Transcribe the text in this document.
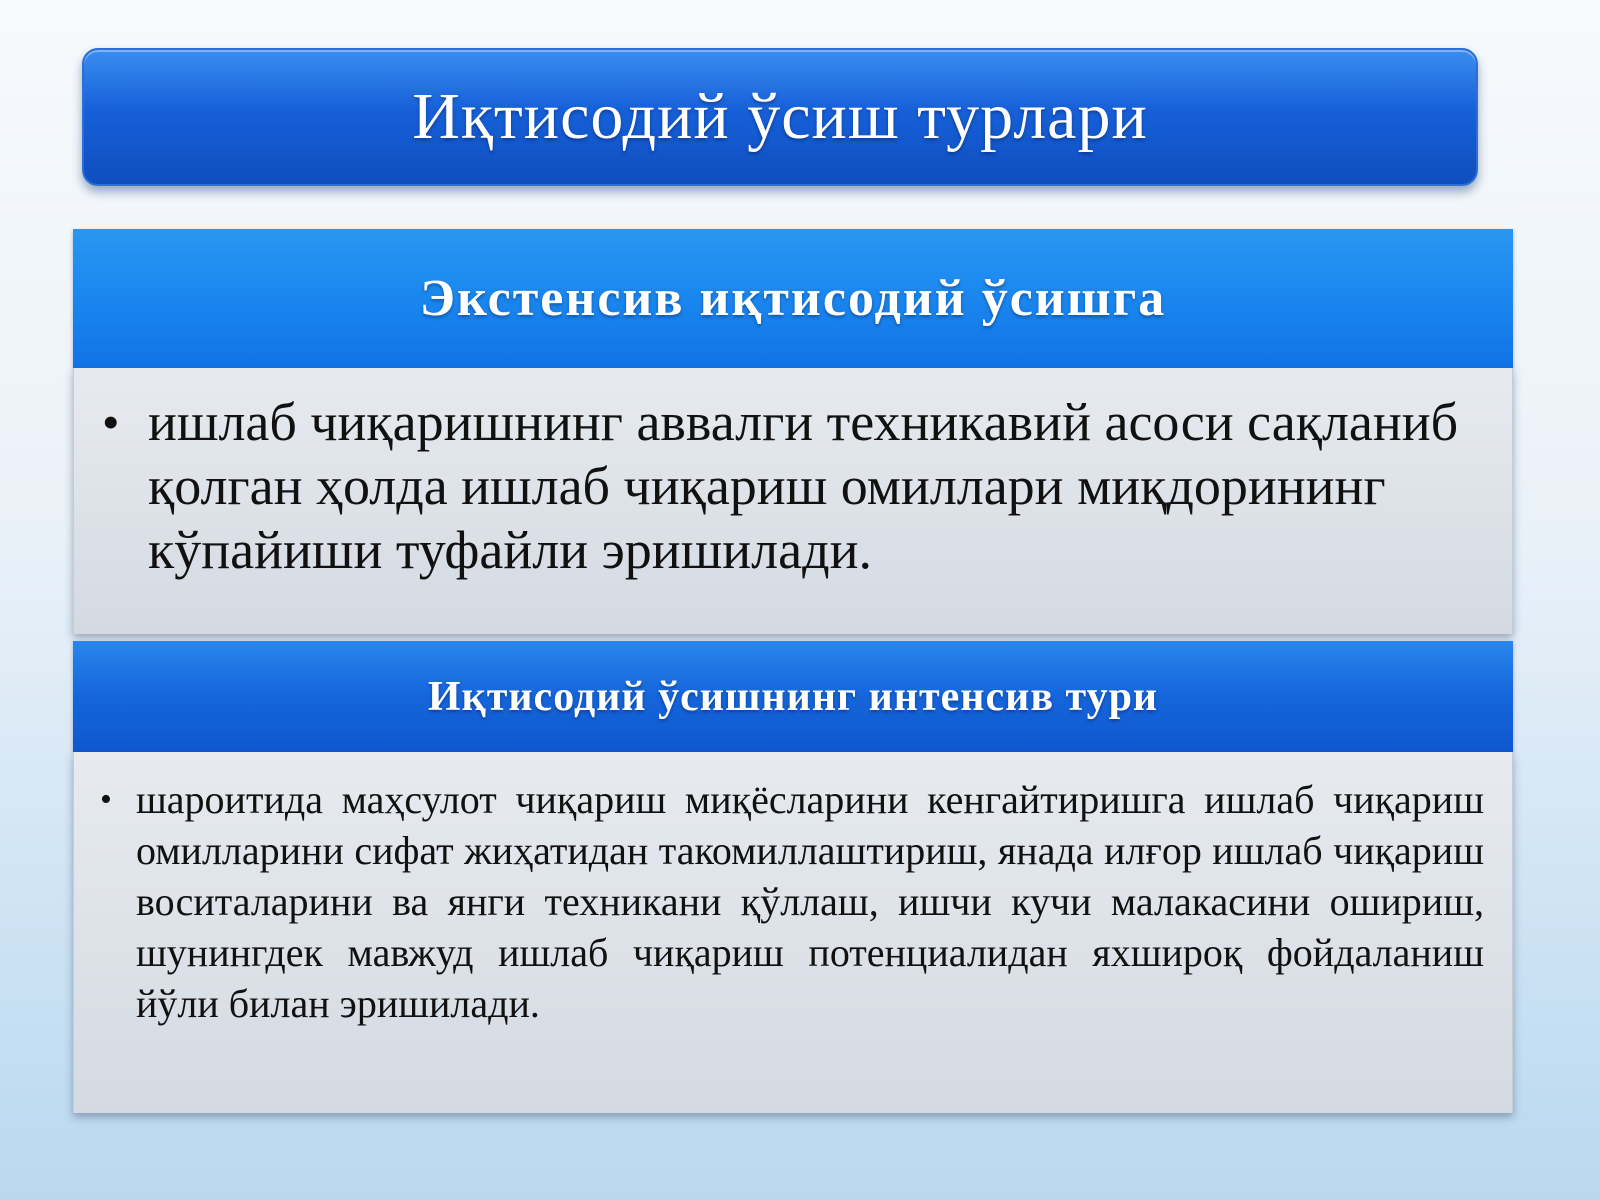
Иқтисодий ўсиш турлари
Экстенсив иқтисодий ўсишга
• ишлаб чиқаришнинг аввалги техникавий асоси сақланиб қолган ҳолда ишлаб чиқариш омиллари миқдорининг кўпайиши туфайли эришилади.
Иқтисодий ўсишнинг интенсив тури
• шароитида маҳсулот чиқариш миқёсларини кенгайтиришга ишлаб чиқариш омилларини сифат жиҳатидан такомиллаштириш, янада илғор ишлаб чиқариш воситаларини ва янги техникани қўллаш, ишчи кучи малакасини ошириш, шунингдек мавжуд ишлаб чиқариш потенциалидан яхшироқ фойдаланиш йўли билан эришилади.
